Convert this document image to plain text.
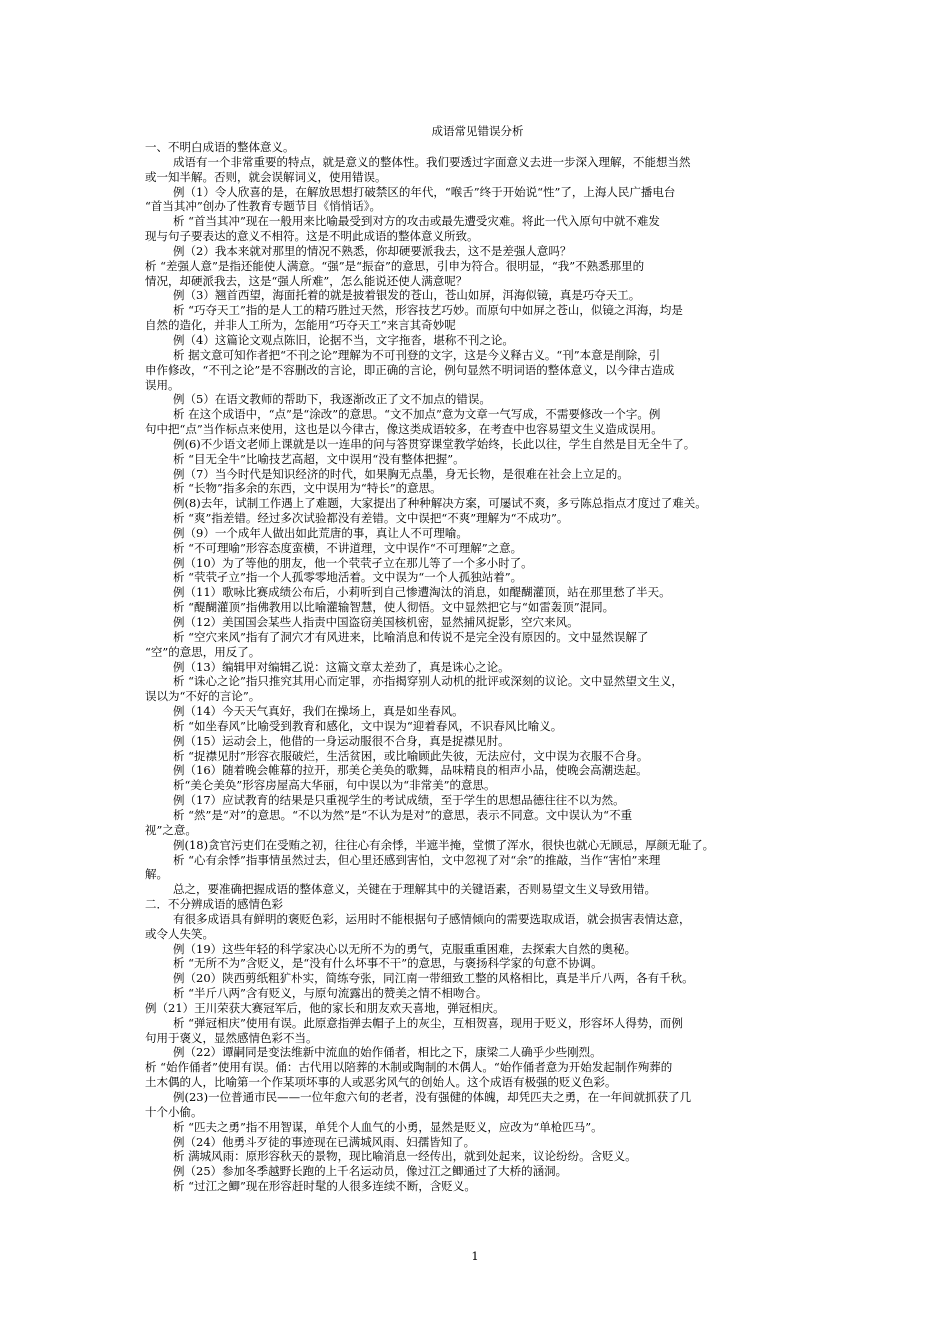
成语常见错误分析
一、不明白成语的整体意义。
成语有一个非常重要的特点，就是意义的整体性。我们要透过字面意义去进一步深入理解，不能想当然
或一知半解。否则，就会误解词义，使用错误。
例（1）令人欣喜的是，在解放思想打破禁区的年代，“喉舌”终于开始说“性”了，上海人民广播电台
“首当其冲”创办了性教育专题节目《悄悄话》。
析 “首当其冲”现在一般用来比喻最受到对方的攻击或最先遭受灾难。将此一代入原句中就不难发
现与句子要表达的意义不相符。这是不明此成语的整体意义所致。
例（2）我本来就对那里的情况不熟悉，你却硬要派我去，这不是差强人意吗？
析 “差强人意”是指还能使人满意。“强”是“振奋”的意思，引申为符合。很明显，“我”不熟悉那里的
情况，却硬派我去，这是“强人所难”，怎么能说还使人满意呢？
例（3）翘首西望，海面托着的就是披着银发的苍山，苍山如屏，洱海似镜，真是巧夺天工。
析 “巧夺天工”指的是人工的精巧胜过天然，形容技艺巧妙。而原句中如屏之苍山，似镜之洱海，均是
自然的造化，并非人工所为，怎能用“巧夺天工”来言其奇妙呢
例（4）这篇论文观点陈旧，论据不当，文字拖沓，堪称不刊之论。
析 据文意可知作者把“不刊之论”理解为不可刊登的文字，这是今义释古义。“刊”本意是削除，引
申作修改，“不刊之论”是不容删改的言论，即正确的言论，例句显然不明词语的整体意义，以今律古造成
误用。
例（5）在语文教师的帮助下，我逐渐改正了文不加点的错误。
析 在这个成语中，“点”是“涂改”的意思。“文不加点”意为文章一气写成，不需要修改一个字。例
句中把“点”当作标点来使用，这也是以今律古，像这类成语较多，在考查中也容易望文生义造成误用。
例(6)不少语文老师上课就是以一连串的问与答贯穿课堂教学始终，长此以往，学生自然是目无全牛了。
析 “目无全牛”比喻技艺高超，文中误用“没有整体把握”。
例（7）当今时代是知识经济的时代，如果胸无点墨，身无长物，是很难在社会上立足的。
析 “长物”指多余的东西，文中误用为“特长”的意思。
例(8)去年，试制工作遇上了难题，大家提出了种种解决方案，可屡试不爽，多亏陈总指点才度过了难关。
析 “爽”指差错。经过多次试验都没有差错。文中误把“不爽”理解为“不成功”。
例（9）一个成年人做出如此荒唐的事，真让人不可理喻。
析 “不可理喻”形容态度蛮横，不讲道理，文中误作“不可理解”之意。
例（10）为了等他的朋友，他一个茕茕孑立在那儿等了一个多小时了。
析 “茕茕孑立”指一个人孤零零地活着。文中误为“一个人孤独站着”。
例（11）歌咏比赛成绩公布后，小莉听到自己惨遭淘汰的消息，如醍醐灌顶，站在那里愁了半天。
析 “醍醐灌顶”指佛教用以比喻灌输智慧，使人彻悟。文中显然把它与“如雷轰顶”混同。
例（12）美国国会某些人指责中国盗窃美国核机密，显然捕风捉影，空穴来风。
析 “空穴来风”指有了洞穴才有风进来，比喻消息和传说不是完全没有原因的。文中显然误解了
“空”的意思，用反了。
例（13）编辑甲对编辑乙说：这篇文章太差劲了，真是诛心之论。
析 “诛心之论”指只推究其用心而定罪，亦指揭穿别人动机的批评或深刻的议论。文中显然望文生义，
误以为“不好的言论”。
例（14）今天天气真好，我们在操场上，真是如坐春风。
析 “如坐春风”比喻受到教育和感化，文中误为“迎着春风，不识春风比喻义。
例（15）运动会上，他借的一身运动服很不合身，真是捉襟见肘。
析 “捉襟见肘”形容衣服破烂，生活贫困，或比喻顾此失彼，无法应付，文中误为衣服不合身。
例（16）随着晚会帷幕的拉开，那美仑美奂的歌舞，品味精良的相声小品，使晚会高潮迭起。
析“美仑美奂”形容房屋高大华丽，句中误以为“非常美”的意思。
例（17）应试教育的结果是只重视学生的考试成绩，至于学生的思想品德往往不以为然。
析 “然”是“对”的意思。“不以为然”是“不认为是对”的意思，表示不同意。文中误认为“不重
视”之意。
例(18)贪官污吏们在受贿之初，往往心有余悸，半遮半掩，堂惯了浑水，很快也就心无顾忌，厚颜无耻了。
析 “心有余悸”指事情虽然过去，但心里还感到害怕，文中忽视了对“余”的推敲，当作“害怕”来理
解。
总之，要准确把握成语的整体意义，关键在于理解其中的关键语素，否则易望文生义导致用错。
二．不分辨成语的感情色彩
有很多成语具有鲜明的褒贬色彩，运用时不能根据句子感情倾向的需要选取成语，就会损害表情达意，
或令人失笑。
例（19）这些年轻的科学家决心以无所不为的勇气，克服重重困难，去探索大自然的奥秘。
析 “无所不为”含贬义，是“没有什么坏事不干”的意思，与褒扬科学家的句意不协调。
例（20）陕西剪纸粗犷朴实，简练夸张，同江南一带细致工整的风格相比，真是半斤八两，各有千秋。
析 “半斤八两”含有贬义，与原句流露出的赞美之情不相吻合。
例（21）王川荣获大赛冠军后，他的家长和朋友欢天喜地，弹冠相庆。
析 “弹冠相庆”使用有误。此原意指弹去帽子上的灰尘，互相贺喜，现用于贬义，形容坏人得势，而例
句用于褒义，显然感情色彩不当。
例（22）谭嗣同是变法维新中流血的始作俑者，相比之下，康梁二人确乎少些刚烈。
析 “始作俑者”使用有误。俑：古代用以陪葬的木制或陶制的木偶人。“始作俑者意为开始发起制作殉葬的
土木偶的人，比喻第一个作某项坏事的人或恶劣风气的创始人。这个成语有极强的贬义色彩。
例(23)一位普通市民——一位年愈六旬的老者，没有强健的体魄，却凭匹夫之勇，在一年间就抓获了几
十个小偷。
析 “匹夫之勇”指不用智谋，单凭个人血气的小勇，显然是贬义，应改为“单枪匹马”。
例（24）他勇斗歹徒的事迹现在已满城风雨、妇孺皆知了。
析 满城风雨：原形容秋天的景物，现比喻消息一经传出，就到处起来，议论纷纷。含贬义。
例（25）参加冬季越野长跑的上千名运动员，像过江之鲫通过了大桥的涵洞。
析 “过江之鲫”现在形容赶时髦的人很多连续不断，含贬义。
1
